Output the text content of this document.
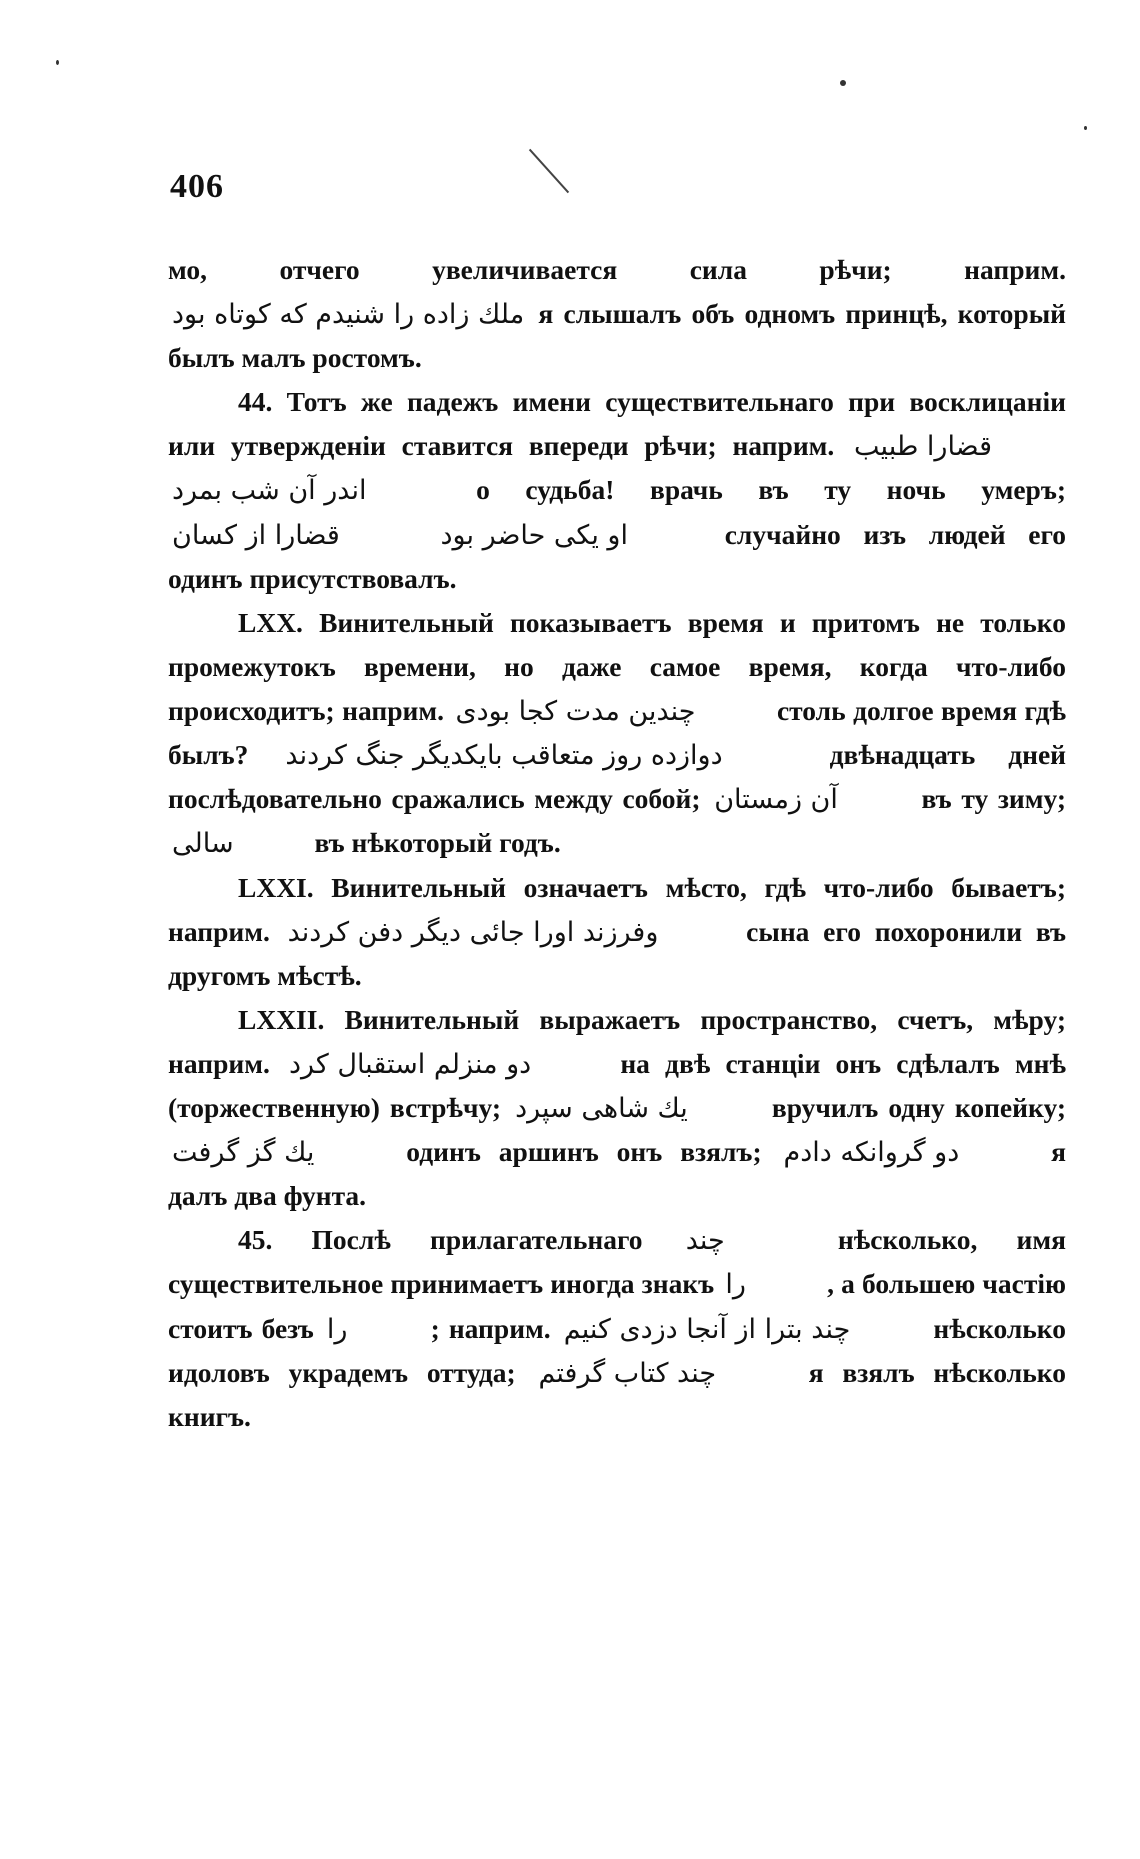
406

мо, отчего увеличивается сила рѣчи; наприм. ملك زاده را شنیدم كه كوتاه بود я слышалъ объ одномъ принцѣ, который былъ малъ ростомъ.

44. Тотъ же падежъ имени существительнаго при восклицаніи или утвержденіи ставится впереди рѣчи; наприм. قضارا طبيب اندر آن شب بمرد	о судьба! врачь въ ту ночь умеръ; قضارا از كسان	او يكى حاضر بود	случайно изъ людей его одинъ присутствовалъ.

LXX. Винительный показываетъ время и притомъ не только промежутокъ времени, но даже самое время, когда что-либо происходитъ; наприм. چندين مدت كجا بودى	столь долгое время гдѣ былъ? دوازده روز متعاقب بايكديگر جنگ كردند	двѣнадцать дней послѣдовательно сражались между собой; آن زمستان	въ ту зиму; سالى	въ нѣкоторый годъ.

LXXI. Винительный означаетъ мѣсто, гдѣ что-либо бываетъ; наприм. وفرزند اورا جائى ديگر دفن كردند	сына его похоронили въ другомъ мѣстѣ.

LXXII. Винительный выражаетъ пространство, счетъ, мѣру; наприм. دو منزلم استقبال كرد	на двѣ станціи онъ сдѣлалъ мнѣ (торжественную) встрѣчу; يك شاهى سپرد	вручилъ одну копейку; يك گز گرفت	одинъ аршинъ онъ взялъ; دو گروانكه دادم	я далъ два фунта.

45. Послѣ прилагательнаго چند	нѣсколько, имя существительное принимаетъ иногда знакъ را	, а большею частію стоитъ безъ را	; наприм. چند بترا از آنجا دزدى كنيم	нѣсколько идоловъ украдемъ оттуда; چند كتاب گرفتم	я взялъ нѣсколько книгъ.
